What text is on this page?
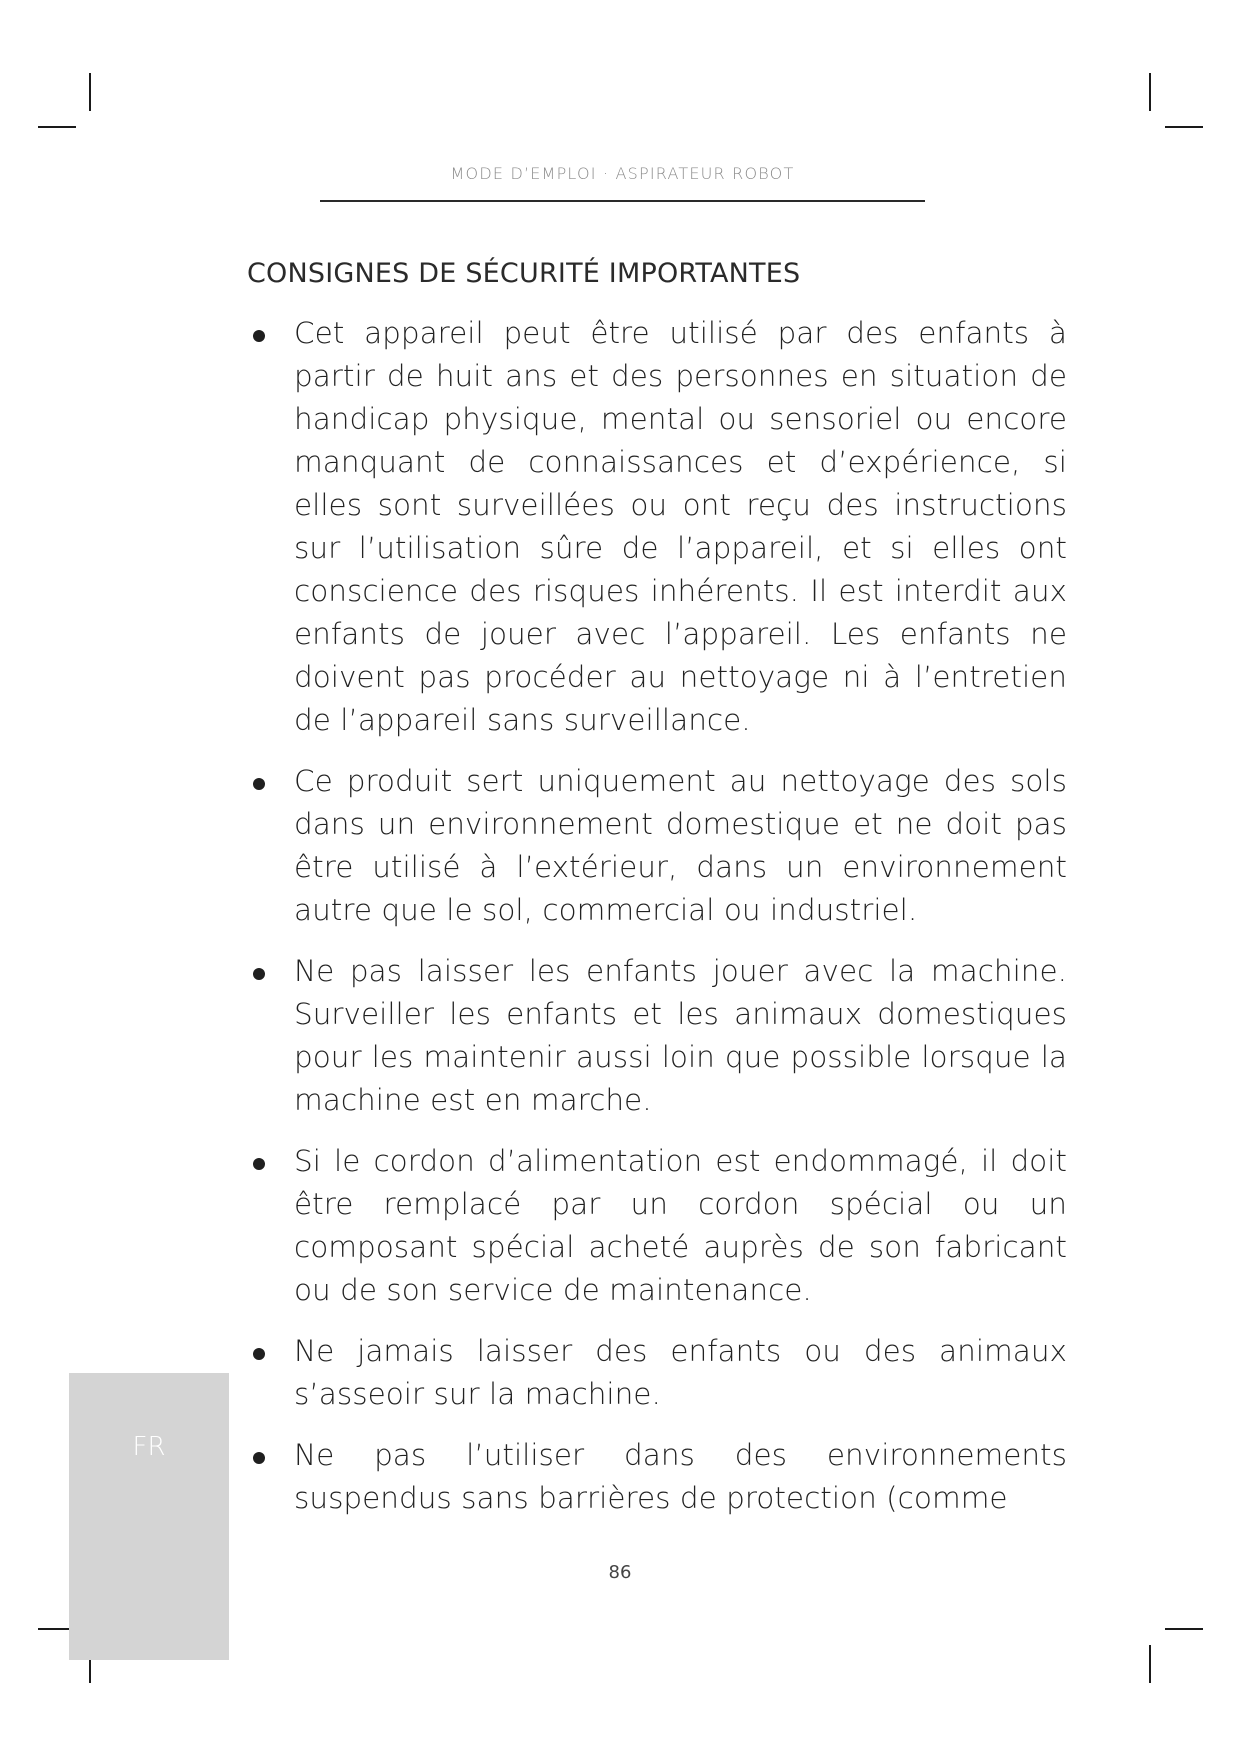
MODE D’EMPLOI · ASPIRATEUR ROBOT
CONSIGNES DE SÉCURITÉ IMPORTANTES
Cet appareil peut être utilisé par des enfants à partir de huit ans et des personnes en situation de handicap physique, mental ou sensoriel ou encore manquant de connaissances et d’expérience, si elles sont surveillées ou ont reçu des instructions sur l’utilisation sûre de l’appareil, et si elles ont conscience des risques inhérents. Il est interdit aux enfants de jouer avec l’appareil. Les enfants ne doivent pas procéder au nettoyage ni à l’entretien de l’appareil sans surveillance.
Ce produit sert uniquement au nettoyage des sols dans un environnement domestique et ne doit pas être utilisé à l’extérieur, dans un environnement autre que le sol, commercial ou industriel.
Ne pas laisser les enfants jouer avec la machine. Surveiller les enfants et les animaux domestiques pour les maintenir aussi loin que possible lorsque la machine est en marche.
Si le cordon d’alimentation est endommagé, il doit être remplacé par un cordon spécial ou un composant spécial acheté auprès de son fabricant ou de son service de maintenance.
Ne jamais laisser des enfants ou des animaux s’asseoir sur la machine.
Ne pas l’utiliser dans des environnements suspendus sans barrières de protection (comme
FR
86
